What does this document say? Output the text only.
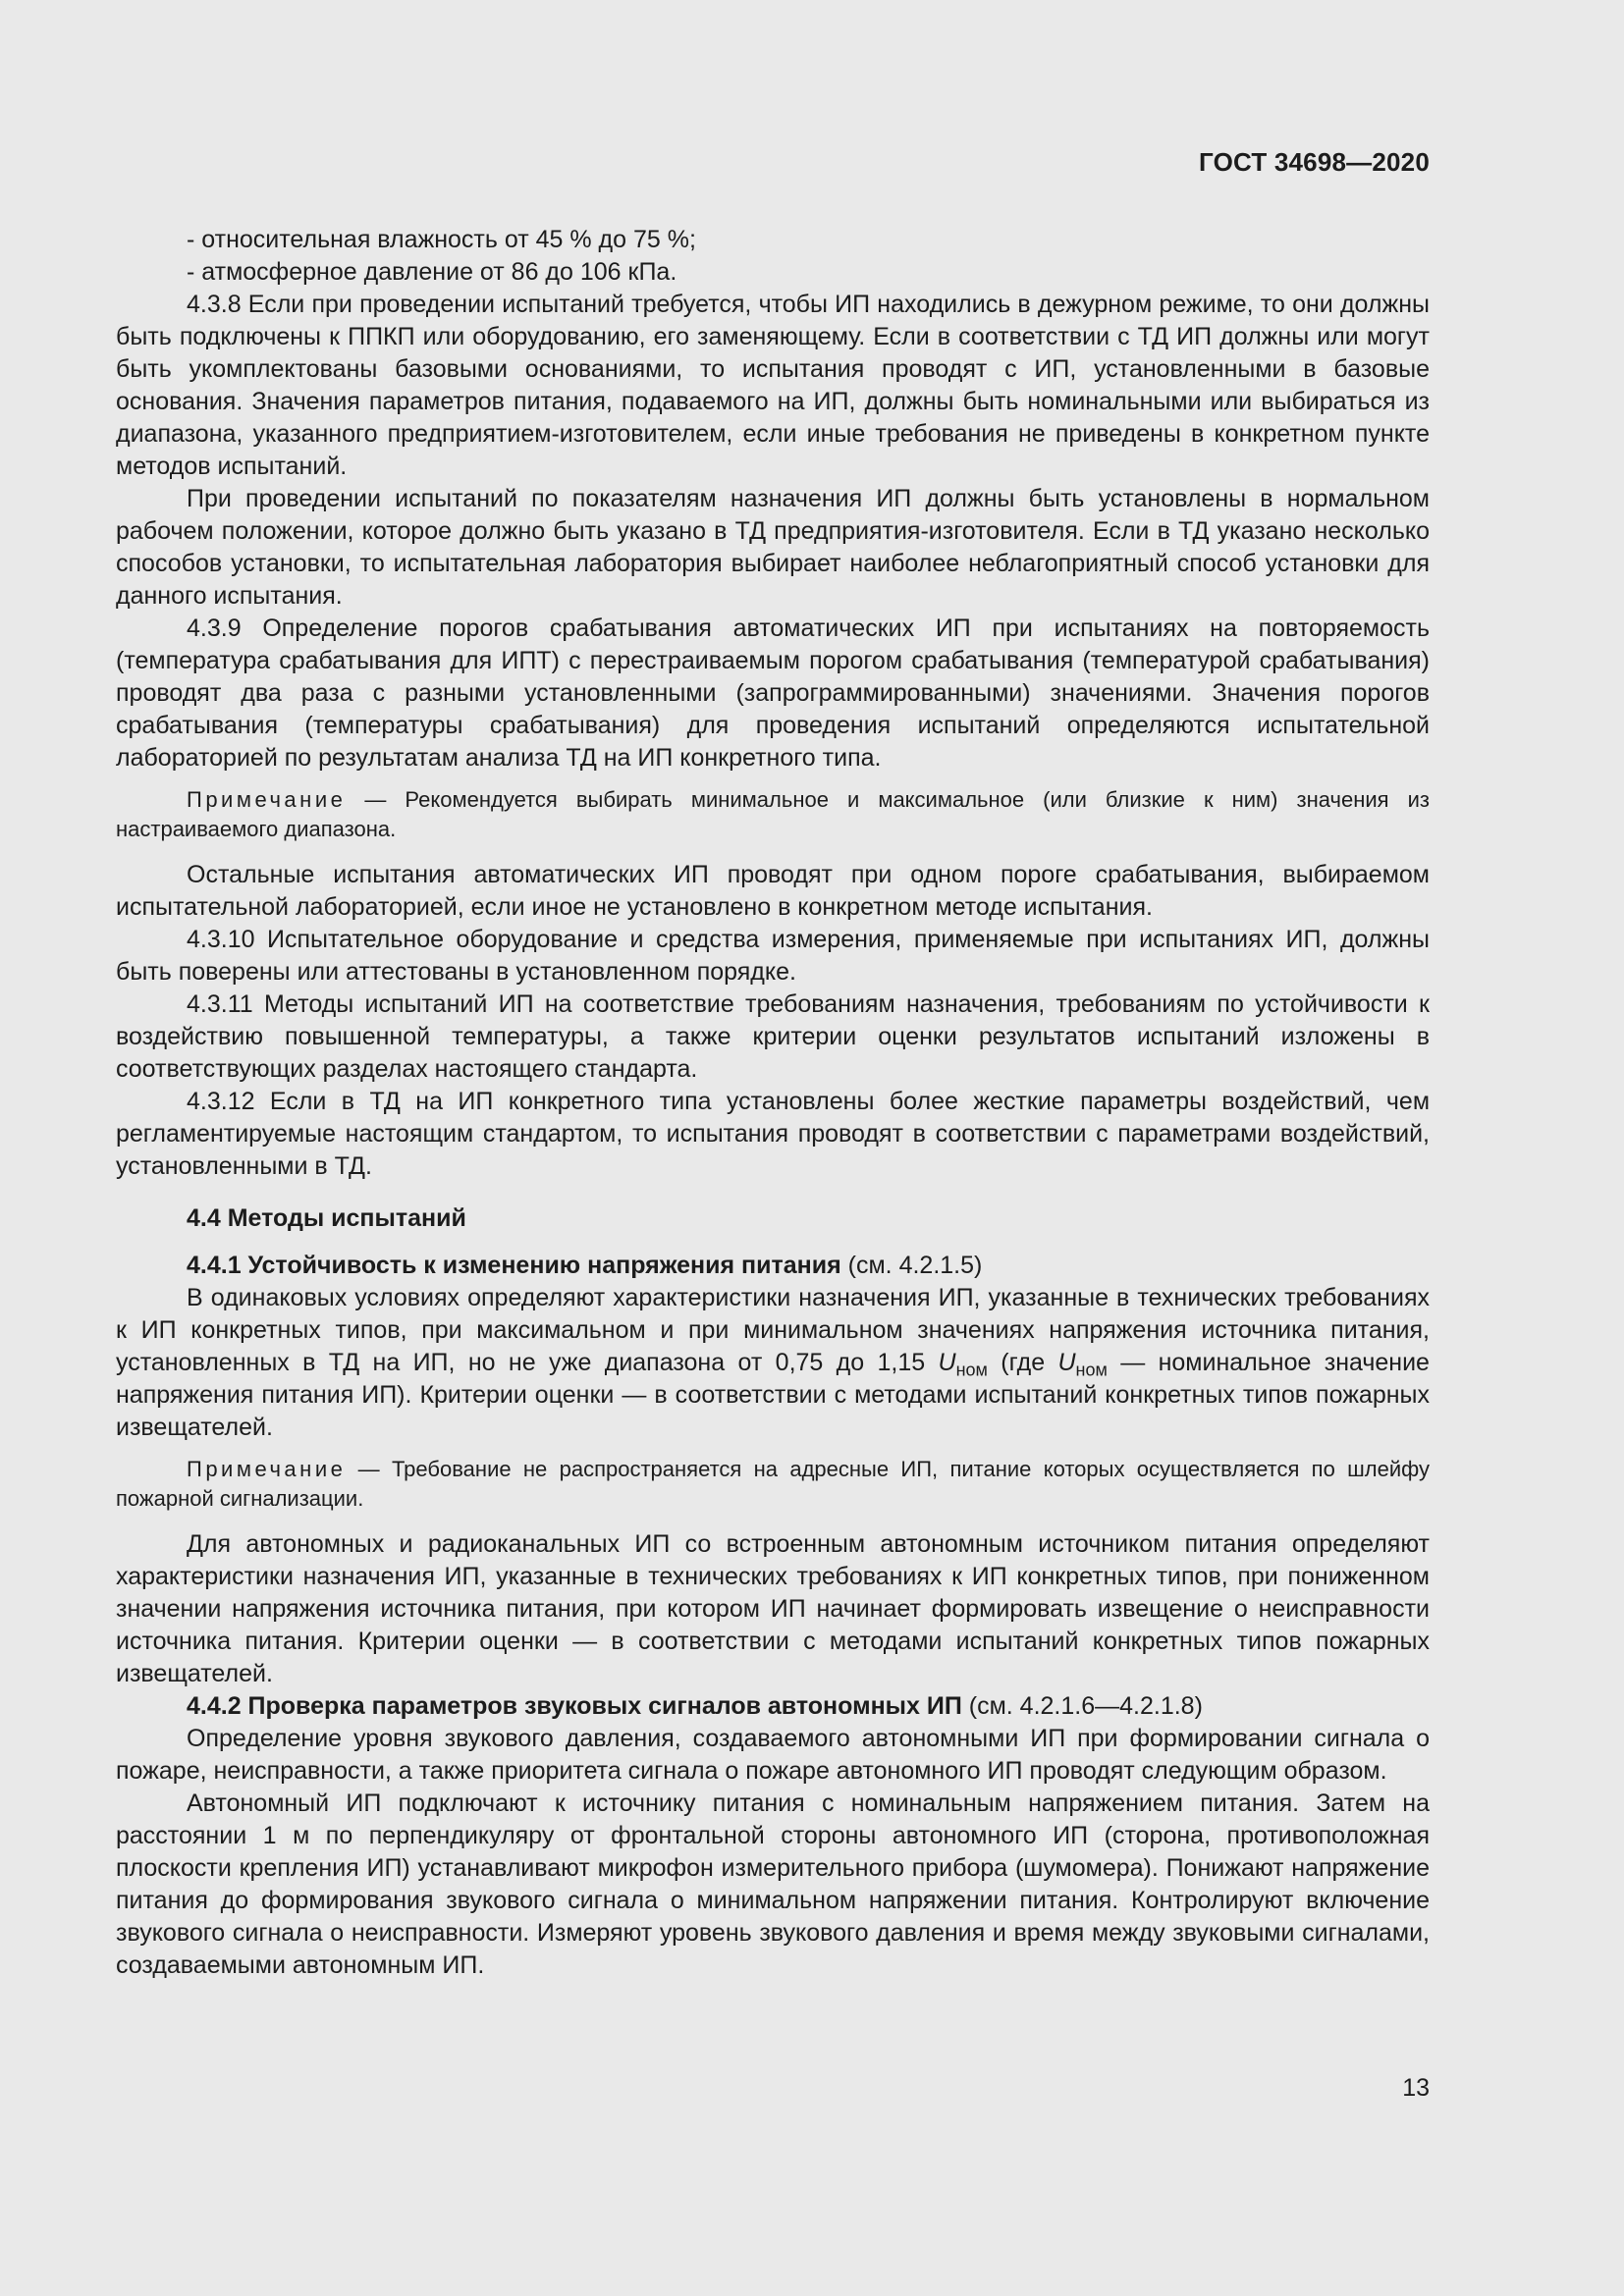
ГОСТ 34698—2020

- относительная влажность от 45 % до 75 %;

- атмосферное давление от 86 до 106 кПа.

4.3.8 Если при проведении испытаний требуется, чтобы ИП находились в дежурном режиме, то они должны быть подключены к ППКП или оборудованию, его заменяющему. Если в соответствии с ТД ИП должны или могут быть укомплектованы базовыми основаниями, то испытания проводят с ИП, установленными в базовые основания. Значения параметров питания, подаваемого на ИП, должны быть номинальными или выбираться из диапазона, указанного предприятием-изготовителем, если иные требования не приведены в конкретном пункте методов испытаний.

При проведении испытаний по показателям назначения ИП должны быть установлены в нормальном рабочем положении, которое должно быть указано в ТД предприятия-изготовителя. Если в ТД указано несколько способов установки, то испытательная лаборатория выбирает наиболее неблагоприятный способ установки для данного испытания.

4.3.9 Определение порогов срабатывания автоматических ИП при испытаниях на повторяемость (температура срабатывания для ИПТ) с перестраиваемым порогом срабатывания (температурой срабатывания) проводят два раза с разными установленными (запрограммированными) значениями. Значения порогов срабатывания (температуры срабатывания) для проведения испытаний определяются испытательной лабораторией по результатам анализа ТД на ИП конкретного типа.

Примечание — Рекомендуется выбирать минимальное и максимальное (или близкие к ним) значения из настраиваемого диапазона.

Остальные испытания автоматических ИП проводят при одном пороге срабатывания, выбираемом испытательной лабораторией, если иное не установлено в конкретном методе испытания.

4.3.10 Испытательное оборудование и средства измерения, применяемые при испытаниях ИП, должны быть поверены или аттестованы в установленном порядке.

4.3.11 Методы испытаний ИП на соответствие требованиям назначения, требованиям по устойчивости к воздействию повышенной температуры, а также критерии оценки результатов испытаний изложены в соответствующих разделах настоящего стандарта.

4.3.12 Если в ТД на ИП конкретного типа установлены более жесткие параметры воздействий, чем регламентируемые настоящим стандартом, то испытания проводят в соответствии с параметрами воздействий, установленными в ТД.

4.4 Методы испытаний

4.4.1 Устойчивость к изменению напряжения питания (см. 4.2.1.5)

В одинаковых условиях определяют характеристики назначения ИП, указанные в технических требованиях к ИП конкретных типов, при максимальном и при минимальном значениях напряжения источника питания, установленных в ТД на ИП, но не уже диапазона от 0,75 до 1,15 $U_{ном}$ (где $U_{ном}$ — номинальное значение напряжения питания ИП). Критерии оценки — в соответствии с методами испытаний конкретных типов пожарных извещателей.

Примечание — Требование не распространяется на адресные ИП, питание которых осуществляется по шлейфу пожарной сигнализации.

Для автономных и радиоканальных ИП со встроенным автономным источником питания определяют характеристики назначения ИП, указанные в технических требованиях к ИП конкретных типов, при пониженном значении напряжения источника питания, при котором ИП начинает формировать извещение о неисправности источника питания. Критерии оценки — в соответствии с методами испытаний конкретных типов пожарных извещателей.

4.4.2 Проверка параметров звуковых сигналов автономных ИП (см. 4.2.1.6—4.2.1.8)

Определение уровня звукового давления, создаваемого автономными ИП при формировании сигнала о пожаре, неисправности, а также приоритета сигнала о пожаре автономного ИП проводят следующим образом.

Автономный ИП подключают к источнику питания с номинальным напряжением питания. Затем на расстоянии 1 м по перпендикуляру от фронтальной стороны автономного ИП (сторона, противоположная плоскости крепления ИП) устанавливают микрофон измерительного прибора (шумомера). Понижают напряжение питания до формирования звукового сигнала о минимальном напряжении питания. Контролируют включение звукового сигнала о неисправности. Измеряют уровень звукового давления и время между звуковыми сигналами, создаваемыми автономным ИП.

13
